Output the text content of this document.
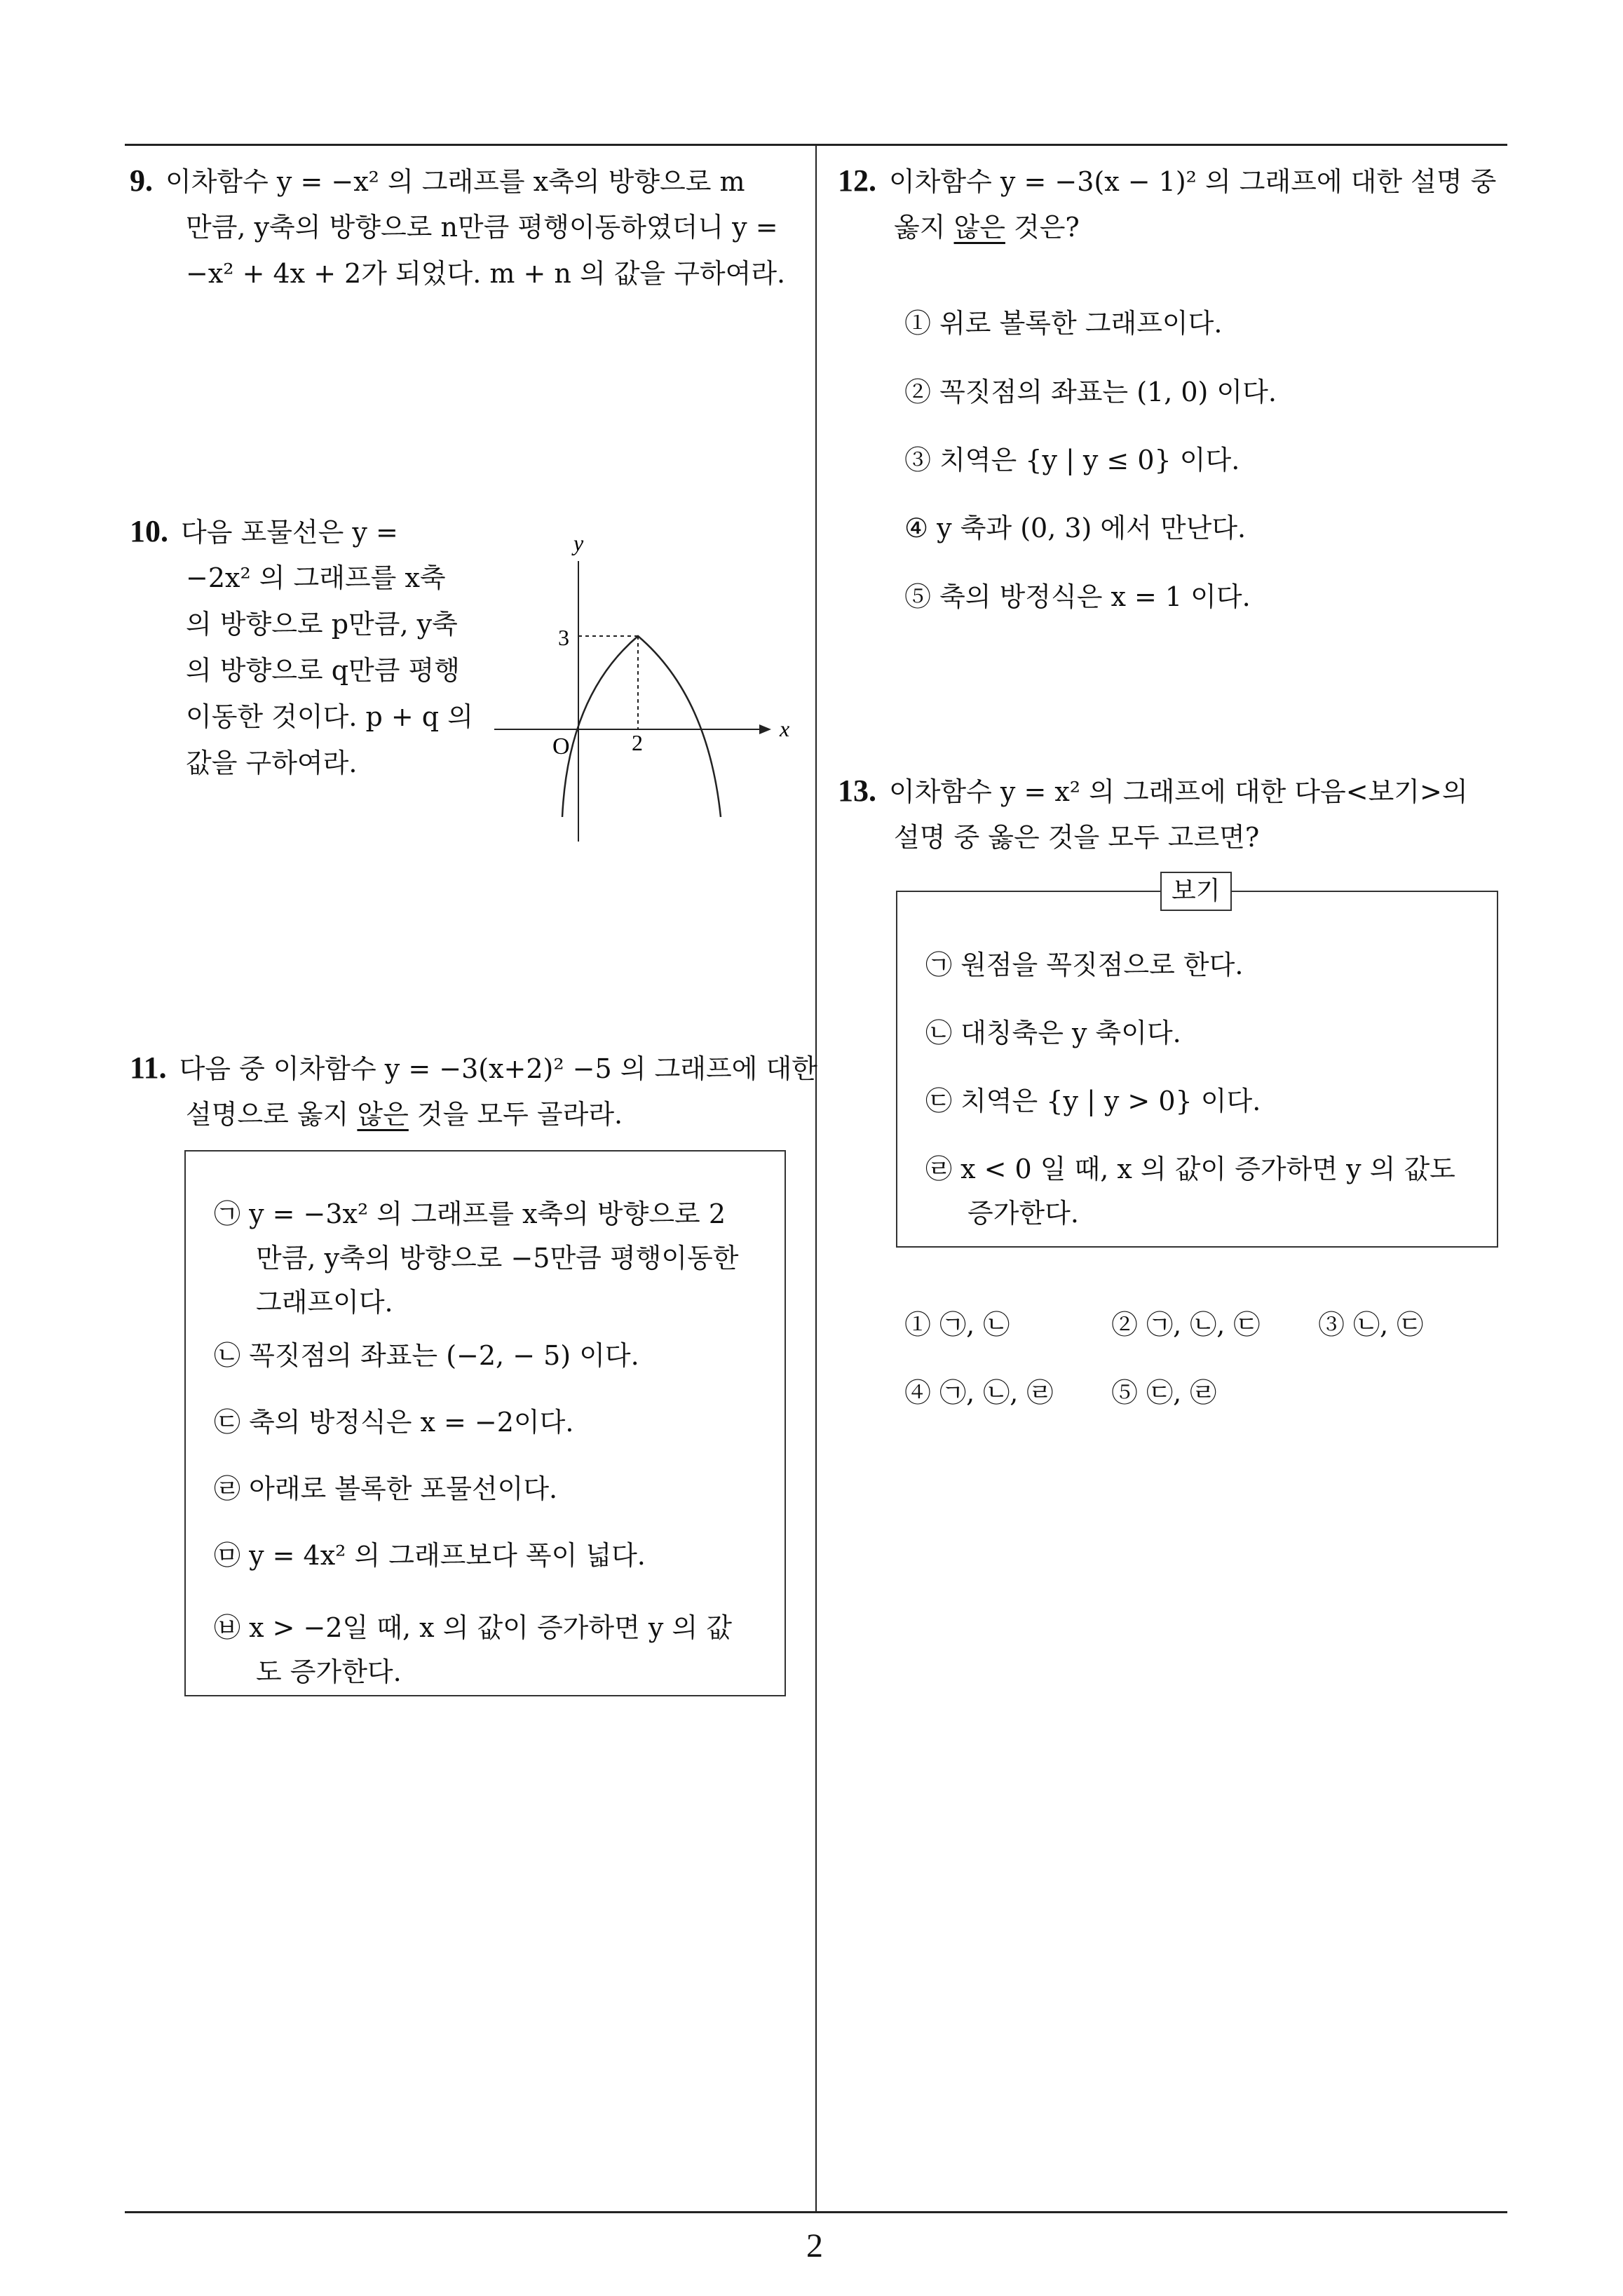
9. 이차함수 y = −x² 의 그래프를 x축의 방향으로 m
만큼, y축의 방향으로 n만큼 평행이동하였더니 y =
−x² + 4x + 2가 되었다. m + n 의 값을 구하여라.
10. 다음 포물선은 y =
−2x² 의 그래프를 x축
의 방향으로 p만큼, y축
의 방향으로 q만큼 평행
이동한 것이다. p + q 의
값을 구하여라.
y
x
O	2
3
11. 다음 중 이차함수 y = −3(x+2)² −5 의 그래프에 대한
설명으로 옳지 않은 것을 모두 골라라.
㉠ y = −3x² 의 그래프를 x축의 방향으로 2
만큼, y축의 방향으로 −5만큼 평행이동한
그래프이다.
㉡ 꼭짓점의 좌표는 (−2, − 5) 이다.
㉢ 축의 방정식은 x = −2이다.
㉣ 아래로 볼록한 포물선이다.
㉤ y = 4x² 의 그래프보다 폭이 넓다.
㉥ x > −2일 때, x 의 값이 증가하면 y 의 값
도 증가한다.
12. 이차함수 y = −3(x − 1)² 의 그래프에 대한 설명 중
옳지 않은 것은?
① 위로 볼록한 그래프이다.
② 꼭짓점의 좌표는 (1, 0) 이다.
③ 치역은 {y | y ≤ 0} 이다.
④ y 축과 (0, 3) 에서 만난다.
⑤ 축의 방정식은 x = 1 이다.
13. 이차함수 y = x² 의 그래프에 대한 다음<보기>의
설명 중 옳은 것을 모두 고르면?
보기
㉠ 원점을 꼭짓점으로 한다.
㉡ 대칭축은 y 축이다.
㉢ 치역은 {y | y > 0} 이다.
㉣ x < 0 일 때, x 의 값이 증가하면 y 의 값도
증가한다.
① ㉠, ㉡	② ㉠, ㉡, ㉢ ③ ㉡, ㉢
④ ㉠, ㉡, ㉣ ⑤ ㉢, ㉣
2
